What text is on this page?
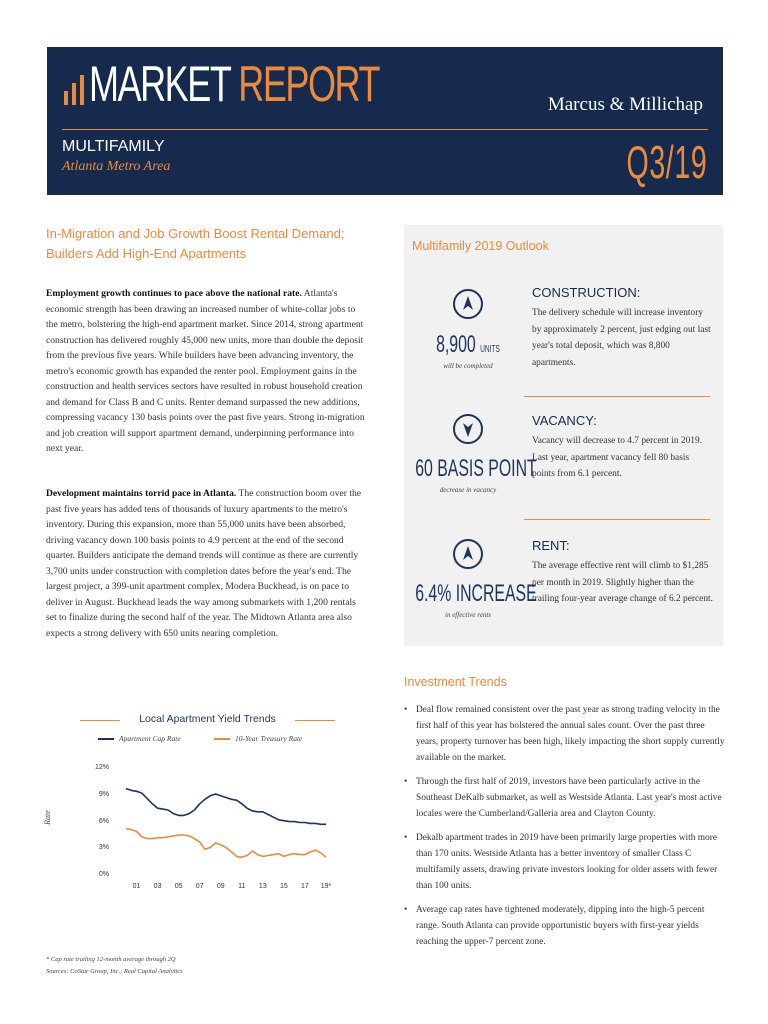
MARKET REPORT	Marcus & Millichap
MULTIFAMILY
Atlanta Metro Area	Q3/19
In-Migration and Job Growth Boost Rental Demand; Builders Add High-End Apartments
Employment growth continues to pace above the national rate. Atlanta's economic strength has been drawing an increased number of white-collar jobs to the metro, bolstering the high-end apartment market. Since 2014, strong apartment construction has delivered roughly 45,000 new units, more than double the deposit from the previous five years. While builders have been advancing inventory, the metro's economic growth has expanded the renter pool. Employment gains in the construction and health services sectors have resulted in robust household creation and demand for Class B and C units. Renter demand surpassed the new additions, compressing vacancy 130 basis points over the past five years. Strong in-migration and job creation will support apartment demand, underpinning performance into next year.
Development maintains torrid pace in Atlanta. The construction boom over the past five years has added tens of thousands of luxury apartments to the metro's inventory. During this expansion, more than 55,000 units have been absorbed, driving vacancy down 100 basis points to 4.9 percent at the end of the second quarter. Builders anticipate the demand trends will continue as there are currently 3,700 units under construction with completion dates before the year's end. The largest project, a 399-unit apartment complex, Modera Buckhead, is on pace to deliver in August. Buckhead leads the way among submarkets with 1,200 rentals set to finalize during the second half of the year. The Midtown Atlanta area also expects a strong delivery with 650 units nearing completion.
Multifamily 2019 Outlook
8,900 UNITS
will be completed
CONSTRUCTION:
The delivery schedule will increase inventory by approximately 2 percent, just edging out last year's total deposit, which was 8,800 apartments.
60 BASIS POINT
decrease in vacancy
VACANCY:
Vacancy will decrease to 4.7 percent in 2019. Last year, apartment vacancy fell 80 basis points from 6.1 percent.
6.4% INCREASE
in effective rents
RENT:
The average effective rent will climb to $1,285 per month in 2019. Slightly higher than the trailing four-year average change of 6.2 percent.
Investment Trends
• Deal flow remained consistent over the past year as strong trading velocity in the first half of this year has bolstered the annual sales count. Over the past three years, property turnover has been high, likely impacting the short supply currently available on the market.
• Through the first half of 2019, investors have been particularly active in the Southeast DeKalb submarket, as well as Westside Atlanta. Last year's most active locales were the Cumberland/Galleria area and Clayton County.
• Dekalb apartment trades in 2019 have been primarily large properties with more than 170 units. Westside Atlanta has a better inventory of smaller Class C multifamily assets, drawing private investors looking for older assets with fewer than 100 units.
• Average cap rates have tightened moderately, dipping into the high-5 percent range. South Atlanta can provide opportunistic buyers with first-year yields reaching the upper-7 percent zone.
Local Apartment Yield Trends
Apartment Cap Rate	10-Year Treasury Rate
Rate
12%
9%
6%
3%
0%
01	03	05	07	09	11	13	15	17	19*
* Cap rate trailing 12-month average through 2Q
Sources: CoStar Group, Inc.; Real Capital Analytics
